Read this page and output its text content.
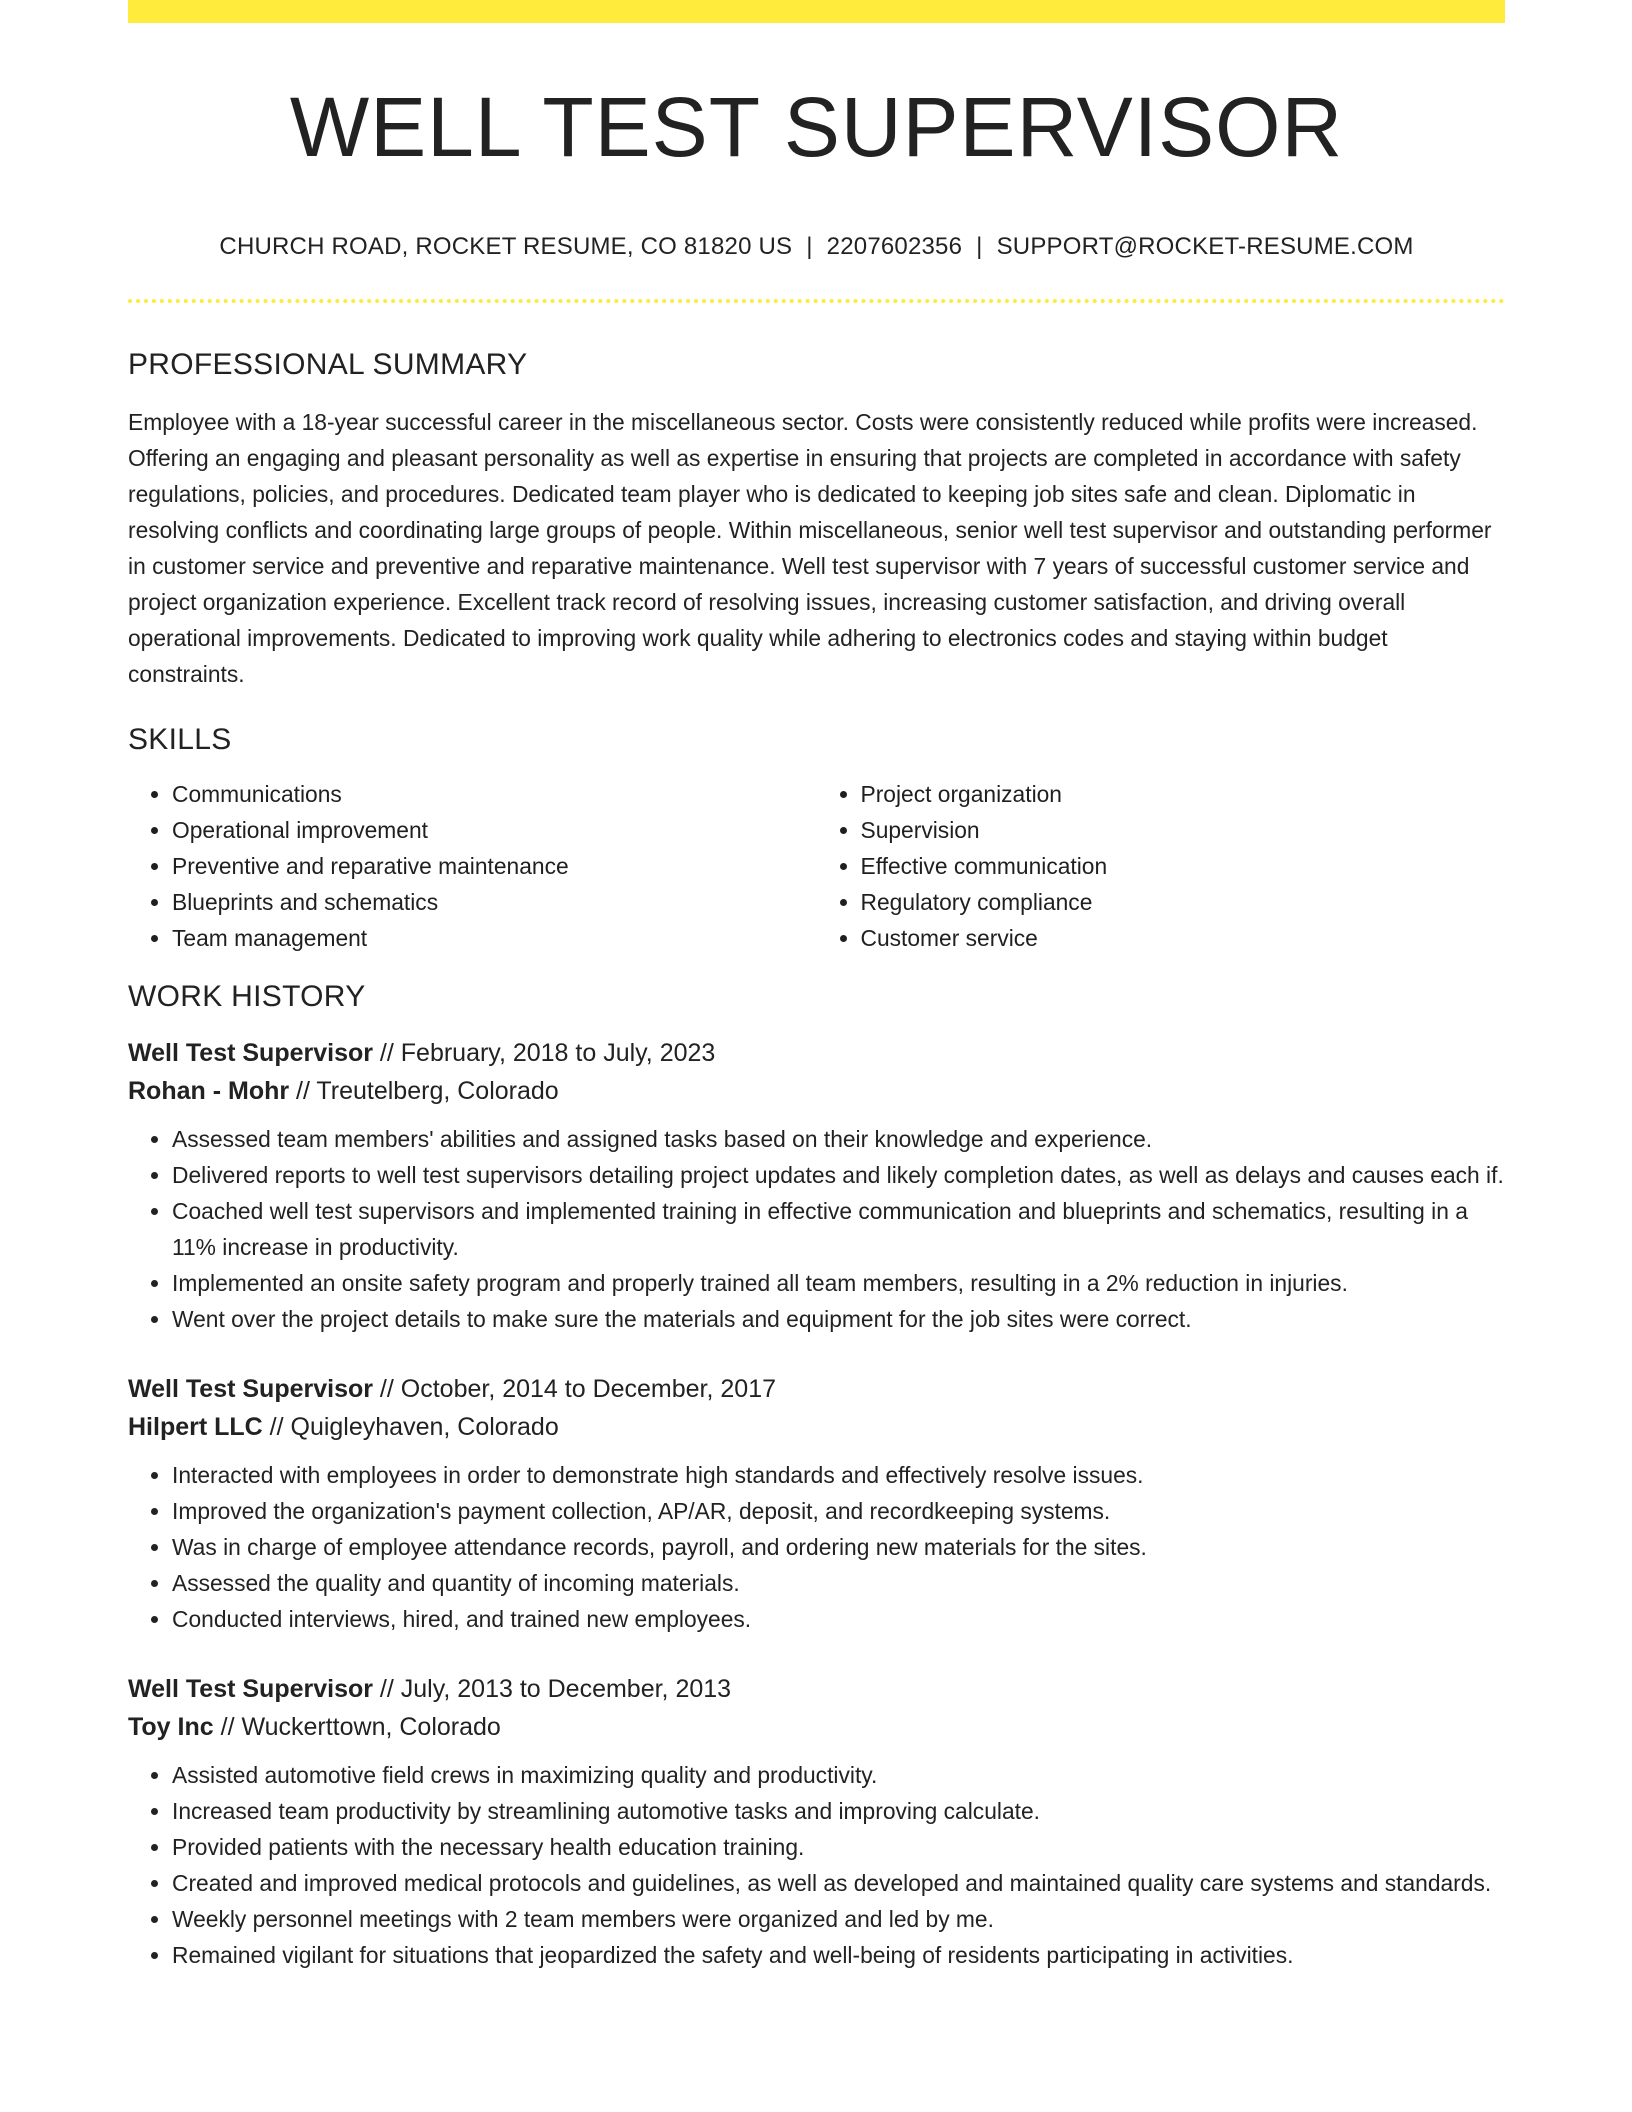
WELL TEST SUPERVISOR
CHURCH ROAD, ROCKET RESUME, CO 81820 US | 2207602356 | SUPPORT@ROCKET-RESUME.COM
PROFESSIONAL SUMMARY

Employee with a 18-year successful career in the miscellaneous sector. Costs were consistently reduced while profits were increased. Offering an engaging and pleasant personality as well as expertise in ensuring that projects are completed in accordance with safety regulations, policies, and procedures. Dedicated team player who is dedicated to keeping job sites safe and clean. Diplomatic in resolving conflicts and coordinating large groups of people. Within miscellaneous, senior well test supervisor and outstanding performer in customer service and preventive and reparative maintenance. Well test supervisor with 7 years of successful customer service and project organization experience. Excellent track record of resolving issues, increasing customer satisfaction, and driving overall operational improvements. Dedicated to improving work quality while adhering to electronics codes and staying within budget constraints.

SKILLS
• Communications
• Operational improvement
• Preventive and reparative maintenance
• Blueprints and schematics
• Team management
• Project organization
• Supervision
• Effective communication
• Regulatory compliance
• Customer service
WORK HISTORY
Well Test Supervisor // February, 2018 to July, 2023
Rohan - Mohr // Treutelberg, Colorado
• Assessed team members' abilities and assigned tasks based on their knowledge and experience.
• Delivered reports to well test supervisors detailing project updates and likely completion dates, as well as delays and causes each if.
• Coached well test supervisors and implemented training in effective communication and blueprints and schematics, resulting in a 11% increase in productivity.
• Implemented an onsite safety program and properly trained all team members, resulting in a 2% reduction in injuries.
• Went over the project details to make sure the materials and equipment for the job sites were correct.
Well Test Supervisor // October, 2014 to December, 2017
Hilpert LLC // Quigleyhaven, Colorado
• Interacted with employees in order to demonstrate high standards and effectively resolve issues.
• Improved the organization's payment collection, AP/AR, deposit, and recordkeeping systems.
• Was in charge of employee attendance records, payroll, and ordering new materials for the sites.
• Assessed the quality and quantity of incoming materials.
• Conducted interviews, hired, and trained new employees.
Well Test Supervisor // July, 2013 to December, 2013
Toy Inc // Wuckerttown, Colorado
• Assisted automotive field crews in maximizing quality and productivity.
• Increased team productivity by streamlining automotive tasks and improving calculate.
• Provided patients with the necessary health education training.
• Created and improved medical protocols and guidelines, as well as developed and maintained quality care systems and standards.
• Weekly personnel meetings with 2 team members were organized and led by me.
• Remained vigilant for situations that jeopardized the safety and well-being of residents participating in activities.
